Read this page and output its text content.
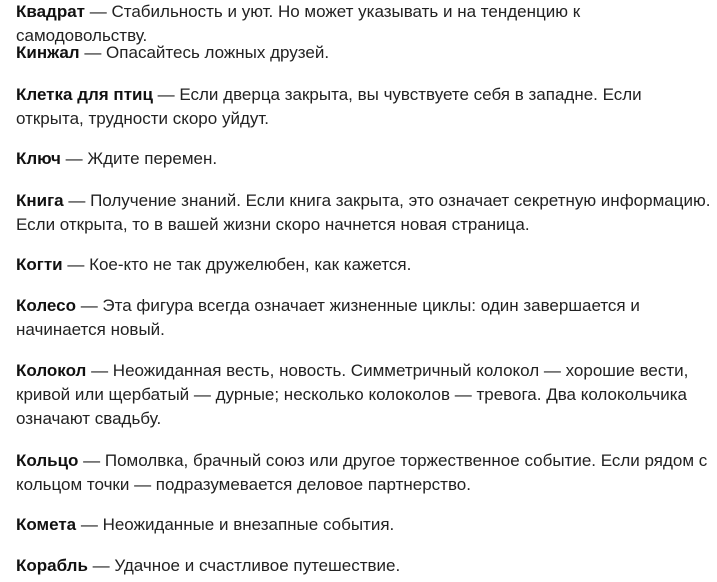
Квадрат — Стабильность и уют. Но может указывать и на тенденцию к самодовольству.

Кинжал — Опасайтесь ложных друзей.

Клетка для птиц — Если дверца закрыта, вы чувствуете себя в западне. Если открыта, трудности скоро уйдут.

Ключ — Ждите перемен.

Книга — Получение знаний. Если книга закрыта, это означает секретную информацию. Если открыта, то в вашей жизни скоро начнется новая страница.

Когти — Кое-кто не так дружелюбен, как кажется.

Колесо — Эта фигура всегда означает жизненные циклы: один завершается и начинается новый.

Колокол — Неожиданная весть, новость. Симметричный колокол — хорошие вести, кривой или щербатый — дурные; несколько колоколов — тревога. Два колокольчика означают свадьбу.

Кольцо — Помолвка, брачный союз или другое торжественное событие. Если рядом с кольцом точки — подразумевается деловое партнерство.

Комета — Неожиданные и внезапные события.

Корабль — Удачное и счастливое путешествие.
